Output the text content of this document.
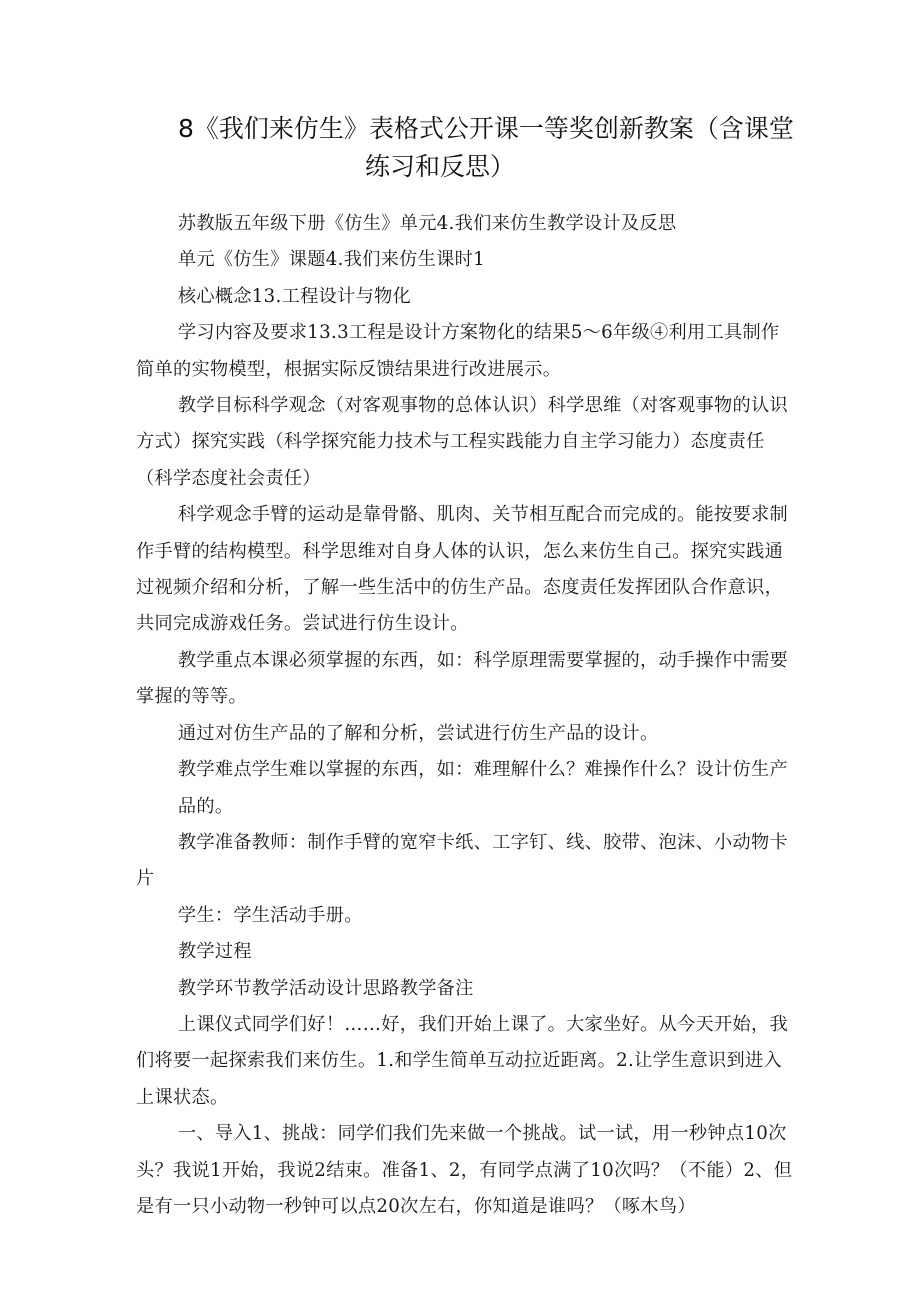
8《我们来仿生》表格式公开课一等奖创新教案（含课堂
练习和反思）

苏教版五年级下册《仿生》单元4.我们来仿生教学设计及反思

单元《仿生》课题4.我们来仿生课时1

核心概念13.工程设计与物化

学习内容及要求13.3工程是设计方案物化的结果5～6年级④利用工具制作简单的实物模型，根据实际反馈结果进行改进展示。

教学目标科学观念（对客观事物的总体认识）科学思维（对客观事物的认识方式）探究实践（科学探究能力技术与工程实践能力自主学习能力）态度责任（科学态度社会责任）

科学观念手臂的运动是靠骨骼、肌肉、关节相互配合而完成的。能按要求制作手臂的结构模型。科学思维对自身人体的认识，怎么来仿生自己。探究实践通过视频介绍和分析，了解一些生活中的仿生产品。态度责任发挥团队合作意识，共同完成游戏任务。尝试进行仿生设计。

教学重点本课必须掌握的东西，如：科学原理需要掌握的，动手操作中需要掌握的等等。

通过对仿生产品的了解和分析，尝试进行仿生产品的设计。

教学难点学生难以掌握的东西，如：难理解什么？难操作什么？设计仿生产品的。

教学准备教师：制作手臂的宽窄卡纸、工字钉、线、胶带、泡沫、小动物卡片

学生：学生活动手册。

教学过程

教学环节教学活动设计思路教学备注

上课仪式同学们好！……好，我们开始上课了。大家坐好。从今天开始，我们将要一起探索我们来仿生。1.和学生简单互动拉近距离。2.让学生意识到进入上课状态。

一、导入1、挑战：同学们我们先来做一个挑战。试一试，用一秒钟点10次头？我说1开始，我说2结束。准备1、2，有同学点满了10次吗？（不能）2、但是有一只小动物一秒钟可以点20次左右，你知道是谁吗？（啄木鸟）
